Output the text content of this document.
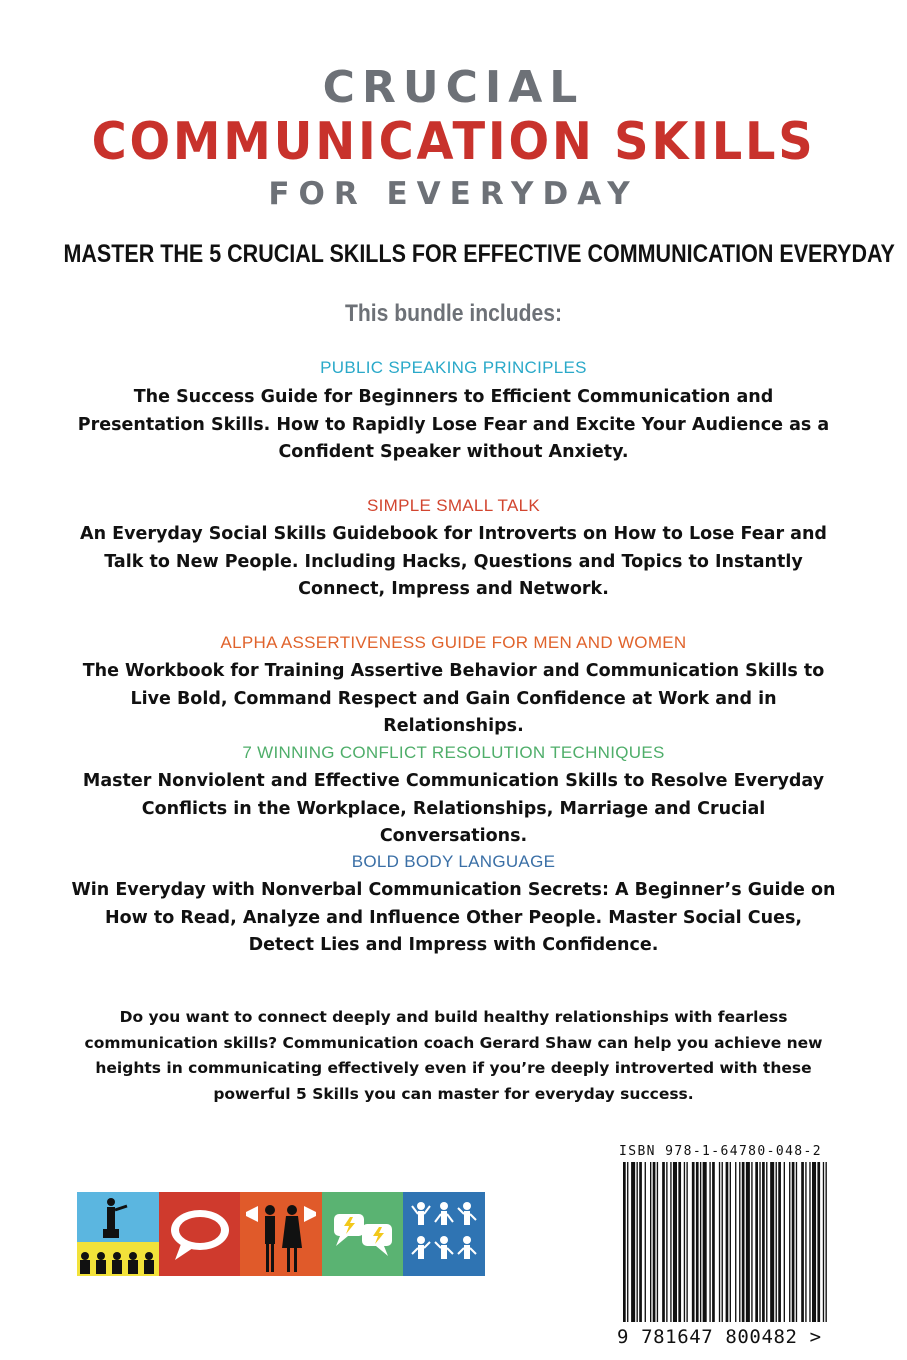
CRUCIAL
COMMUNICATION SKILLS
FOR EVERYDAY
MASTER THE 5 CRUCIAL SKILLS FOR EFFECTIVE COMMUNICATION EVERYDAY
This bundle includes:
PUBLIC SPEAKING PRINCIPLES
The Success Guide for Beginners to Efficient Communication and Presentation Skills. How to Rapidly Lose Fear and Excite Your Audience as a Confident Speaker without Anxiety.
SIMPLE SMALL TALK
An Everyday Social Skills Guidebook for Introverts on How to Lose Fear and Talk to New People. Including Hacks, Questions and Topics to Instantly Connect, Impress and Network.
ALPHA ASSERTIVENESS GUIDE FOR MEN AND WOMEN
The Workbook for Training Assertive Behavior and Communication Skills to Live Bold, Command Respect and Gain Confidence at Work and in Relationships.
7 WINNING CONFLICT RESOLUTION TECHNIQUES
Master Nonviolent and Effective Communication Skills to Resolve Everyday Conflicts in the Workplace, Relationships, Marriage and Crucial Conversations.
BOLD BODY LANGUAGE
Win Everyday with Nonverbal Communication Secrets: A Beginner’s Guide on How to Read, Analyze and Influence Other People. Master Social Cues, Detect Lies and Impress with Confidence.
Do you want to connect deeply and build healthy relationships with fearless communication skills? Communication coach Gerard Shaw can help you achieve new heights in communicating effectively even if you’re deeply introverted with these powerful 5 Skills you can master for everyday success.
ISBN 978-1-64780-048-2
9 781647 800482 >
